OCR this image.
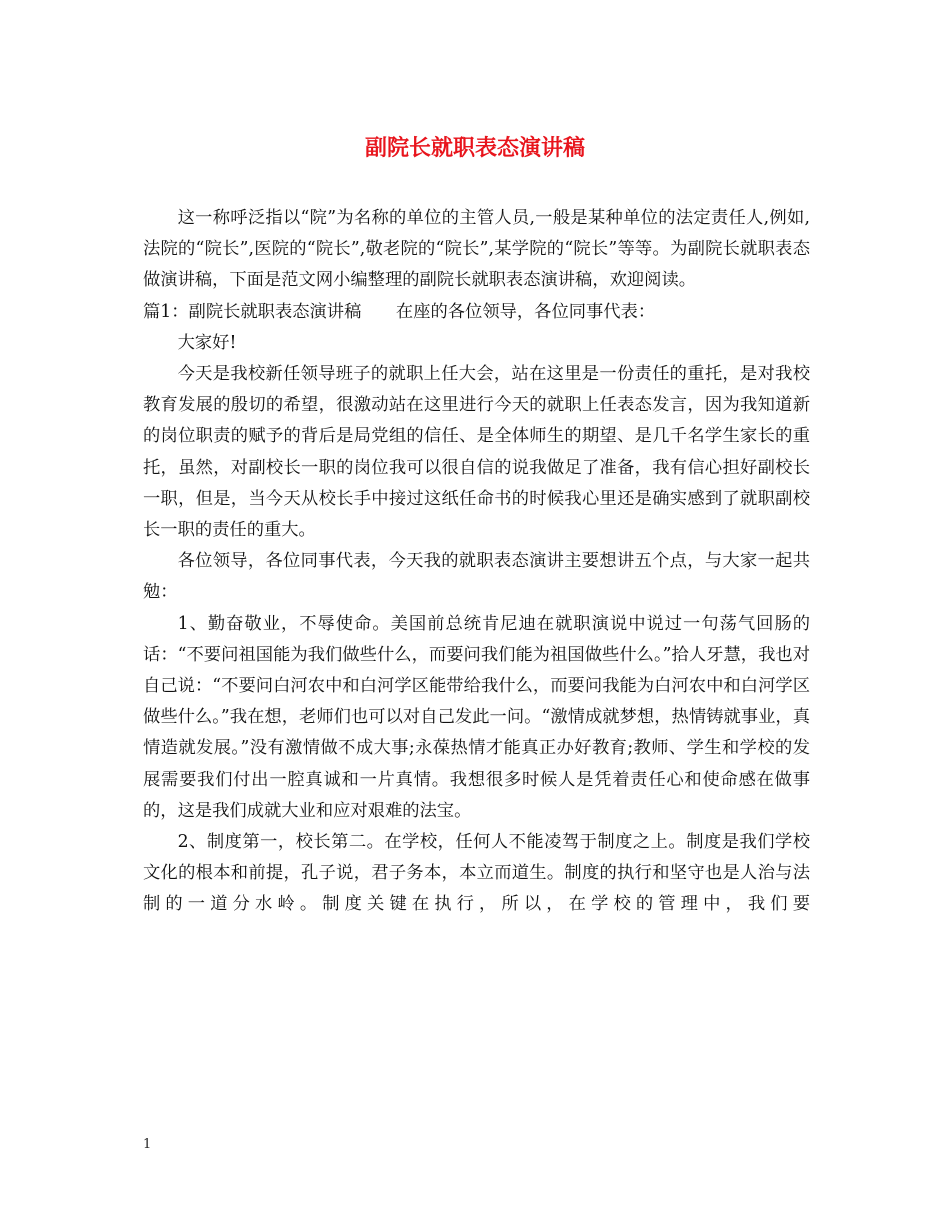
副院长就职表态演讲稿

这一称呼泛指以“院”为名称的单位的主管人员,一般是某种单位的法定责任人,例如,法院的“院长”,医院的“院长”,敬老院的“院长”,某学院的“院长”等等。为副院长就职表态做演讲稿，下面是范文网小编整理的副院长就职表态演讲稿，欢迎阅读。

篇1：副院长就职表态演讲稿　　在座的各位领导，各位同事代表：

大家好!

今天是我校新任领导班子的就职上任大会，站在这里是一份责任的重托，是对我校教育发展的殷切的希望，很激动站在这里进行今天的就职上任表态发言，因为我知道新的岗位职责的赋予的背后是局党组的信任、是全体师生的期望、是几千名学生家长的重托，虽然，对副校长一职的岗位我可以很自信的说我做足了准备，我有信心担好副校长一职，但是，当今天从校长手中接过这纸任命书的时候我心里还是确实感到了就职副校长一职的责任的重大。

各位领导，各位同事代表，今天我的就职表态演讲主要想讲五个点，与大家一起共勉：

1、勤奋敬业，不辱使命。美国前总统肯尼迪在就职演说中说过一句荡气回肠的话：“不要问祖国能为我们做些什么，而要问我们能为祖国做些什么。”拾人牙慧，我也对自己说：“不要问白河农中和白河学区能带给我什么，而要问我能为白河农中和白河学区做些什么。”我在想，老师们也可以对自己发此一问。“激情成就梦想，热情铸就事业，真情造就发展。”没有激情做不成大事;永葆热情才能真正办好教育;教师、学生和学校的发展需要我们付出一腔真诚和一片真情。我想很多时候人是凭着责任心和使命感在做事的，这是我们成就大业和应对艰难的法宝。

2、制度第一，校长第二。在学校，任何人不能凌驾于制度之上。制度是我们学校文化的根本和前提，孔子说，君子务本，本立而道生。制度的执行和坚守也是人治与法制的一道分水岭。制度关键在执行，所以，在学校的管理中，我们要

1
